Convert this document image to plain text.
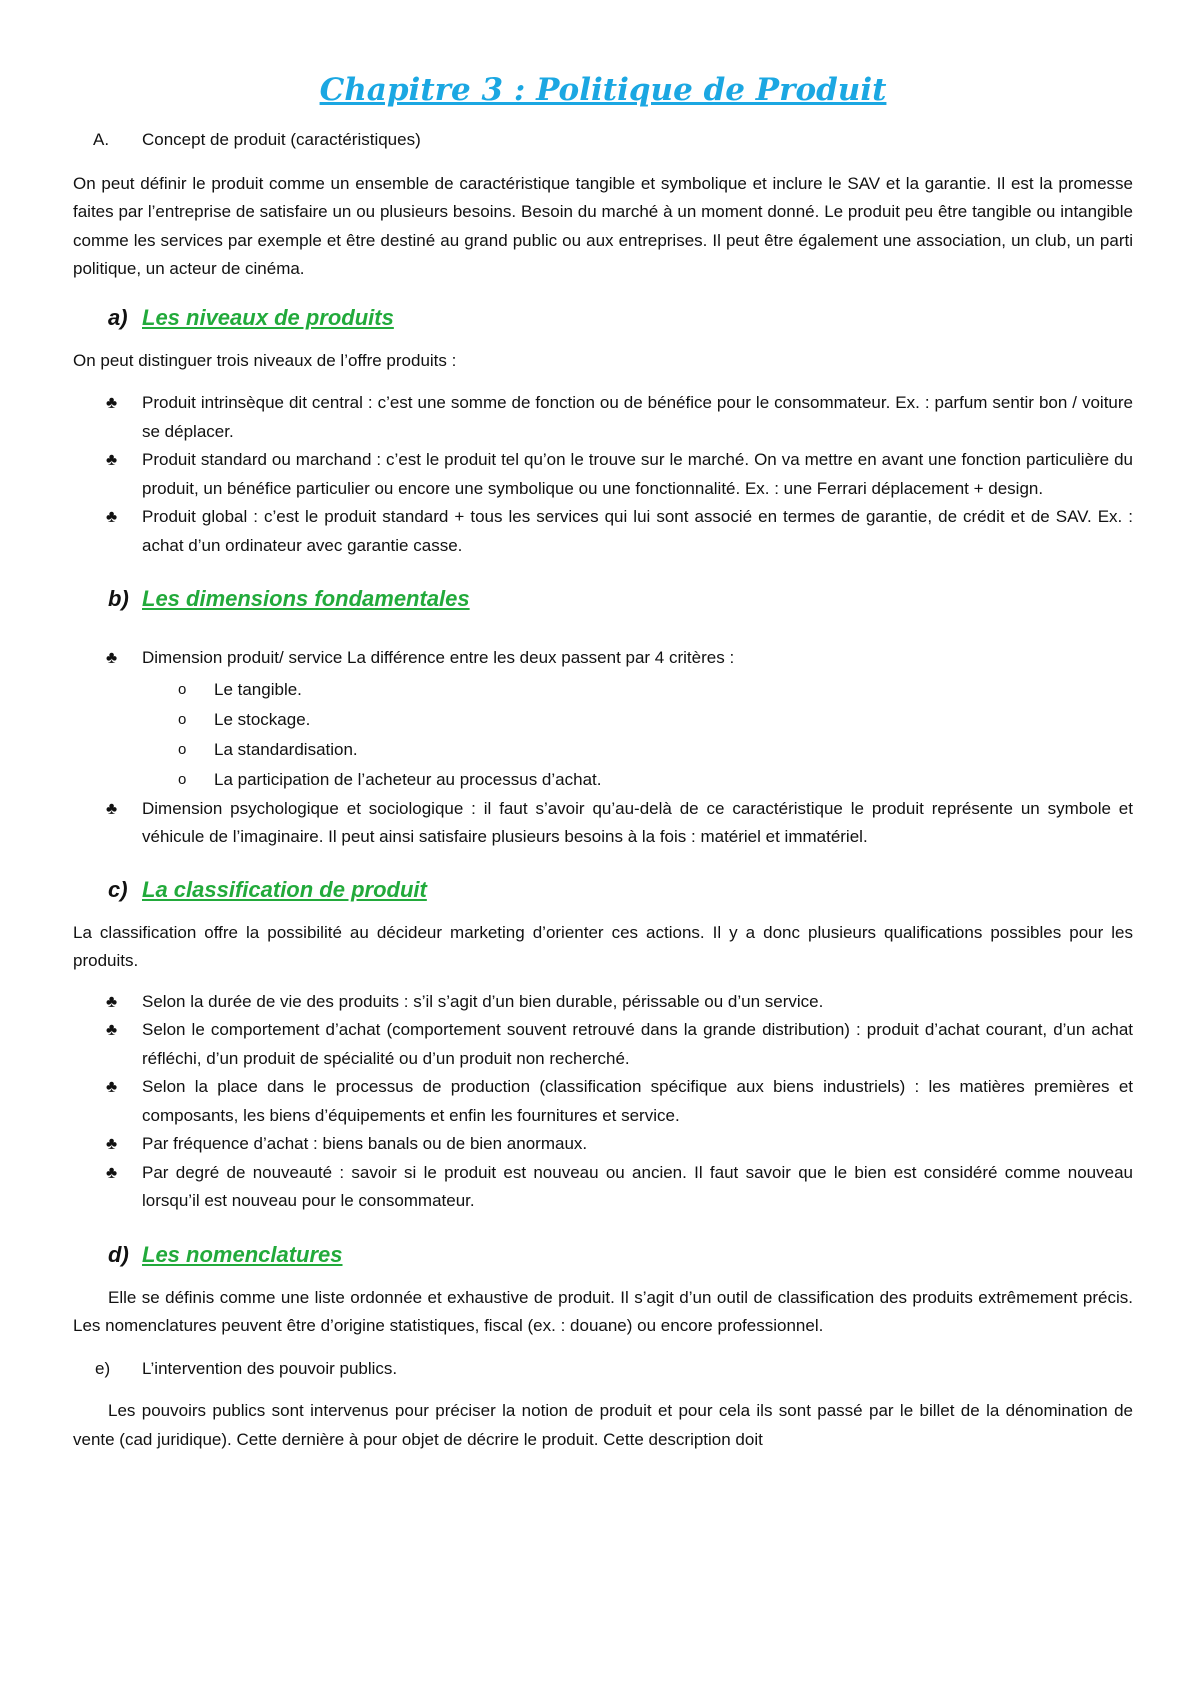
Chapitre 3 : Politique de Produit
A.	Concept de produit (caractéristiques)

On peut définir le produit comme un ensemble de caractéristique tangible et symbolique et inclure le SAV et la garantie. Il est la promesse faites par l’entreprise de satisfaire un ou plusieurs besoins. Besoin du marché à un moment donné. Le produit peu être tangible ou intangible comme les services par exemple et être destiné au grand public ou aux entreprises. Il peut être également une association, un club, un parti politique, un acteur de cinéma.

a) Les niveaux de produits

On peut distinguer trois niveaux de l’offre produits :

♣	Produit intrinsèque dit central : c’est une somme de fonction ou de bénéfice pour le consommateur. Ex. : parfum sentir bon / voiture se déplacer.
♣	Produit standard ou marchand : c’est le produit tel qu’on le trouve sur le marché. On va mettre en avant une fonction particulière du produit, un bénéfice particulier ou encore une symbolique ou une fonctionnalité. Ex. : une Ferrari déplacement + design.
♣	Produit global : c’est le produit standard + tous les services qui lui sont associé en termes de garantie, de crédit et de SAV. Ex. : achat d’un ordinateur avec garantie casse.
b) Les dimensions fondamentales
♣	Dimension produit/ service La différence entre les deux passent par 4 critères :
o	Le tangible.
o	Le stockage.
o	La standardisation.
o	La participation de l’acheteur au processus d’achat.
♣	Dimension psychologique et sociologique : il faut s’avoir qu’au-delà de ce caractéristique le produit représente un symbole et véhicule de l’imaginaire. Il peut ainsi satisfaire plusieurs besoins à la fois : matériel et immatériel.
c) La classification de produit

La classification offre la possibilité au décideur marketing d’orienter ces actions. Il y a donc plusieurs qualifications possibles pour les produits.

♣	Selon la durée de vie des produits : s’il s’agit d’un bien durable, périssable ou d’un service.
♣	Selon le comportement d’achat (comportement souvent retrouvé dans la grande distribution) : produit d’achat courant, d’un achat réfléchi, d’un produit de spécialité ou d’un produit non recherché.
♣	Selon la place dans le processus de production (classification spécifique aux biens industriels) : les matières premières et composants, les biens d’équipements et enfin les fournitures et service.
♣	Par fréquence d’achat : biens banals ou de bien anormaux.
♣	Par degré de nouveauté : savoir si le produit est nouveau ou ancien. Il faut savoir que le bien est considéré comme nouveau lorsqu’il est nouveau pour le consommateur.
d) Les nomenclatures

Elle se définis comme une liste ordonnée et exhaustive de produit. Il s’agit d’un outil de classification des produits extrêmement précis. Les nomenclatures peuvent être d’origine statistiques, fiscal (ex. : douane) ou encore professionnel.

e)	L’intervention des pouvoir publics.

Les pouvoirs publics sont intervenus pour préciser la notion de produit et pour cela ils sont passé par le billet de la dénomination de vente (cad juridique). Cette dernière à pour objet de décrire le produit. Cette description doit
